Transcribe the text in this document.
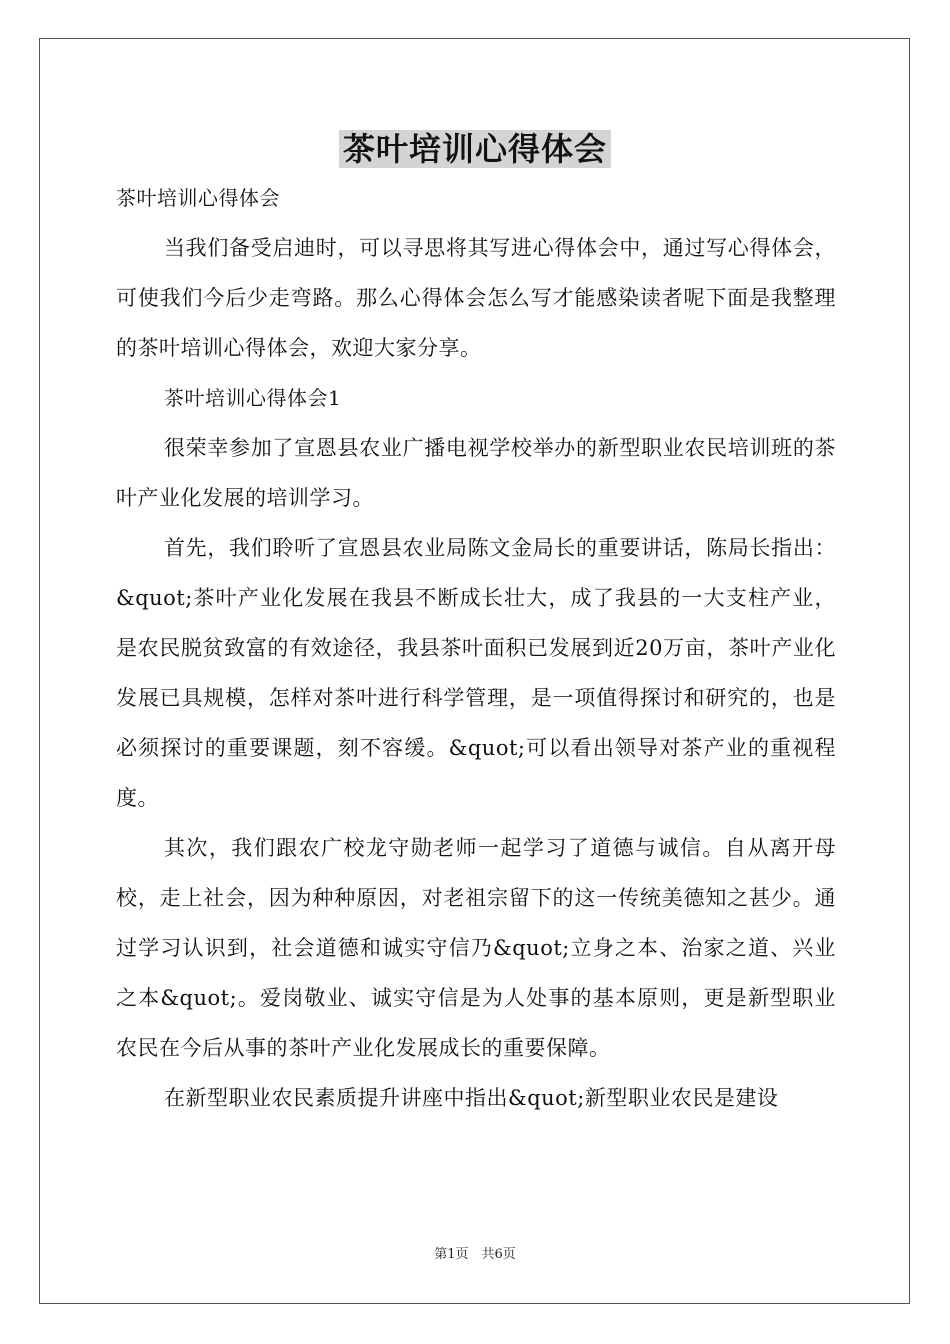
茶叶培训心得体会

茶叶培训心得体会

当我们备受启迪时，可以寻思将其写进心得体会中，通过写心得体会，可使我们今后少走弯路。那么心得体会怎么写才能感染读者呢下面是我整理的茶叶培训心得体会，欢迎大家分享。

茶叶培训心得体会1

很荣幸参加了宣恩县农业广播电视学校举办的新型职业农民培训班的茶叶产业化发展的培训学习。

首先，我们聆听了宣恩县农业局陈文金局长的重要讲话，陈局长指出：&quot;茶叶产业化发展在我县不断成长壮大，成了我县的一大支柱产业，是农民脱贫致富的有效途径，我县茶叶面积已发展到近20万亩，茶叶产业化发展已具规模，怎样对茶叶进行科学管理，是一项值得探讨和研究的，也是必须探讨的重要课题，刻不容缓。&quot;可以看出领导对茶产业的重视程度。

其次，我们跟农广校龙守勋老师一起学习了道德与诚信。自从离开母校，走上社会，因为种种原因，对老祖宗留下的这一传统美德知之甚少。通过学习认识到，社会道德和诚实守信乃&quot;立身之本、治家之道、兴业之本&quot;。爱岗敬业、诚实守信是为人处事的基本原则，更是新型职业农民在今后从事的茶叶产业化发展成长的重要保障。

在新型职业农民素质提升讲座中指出&quot;新型职业农民是建设

第1页　共6页
